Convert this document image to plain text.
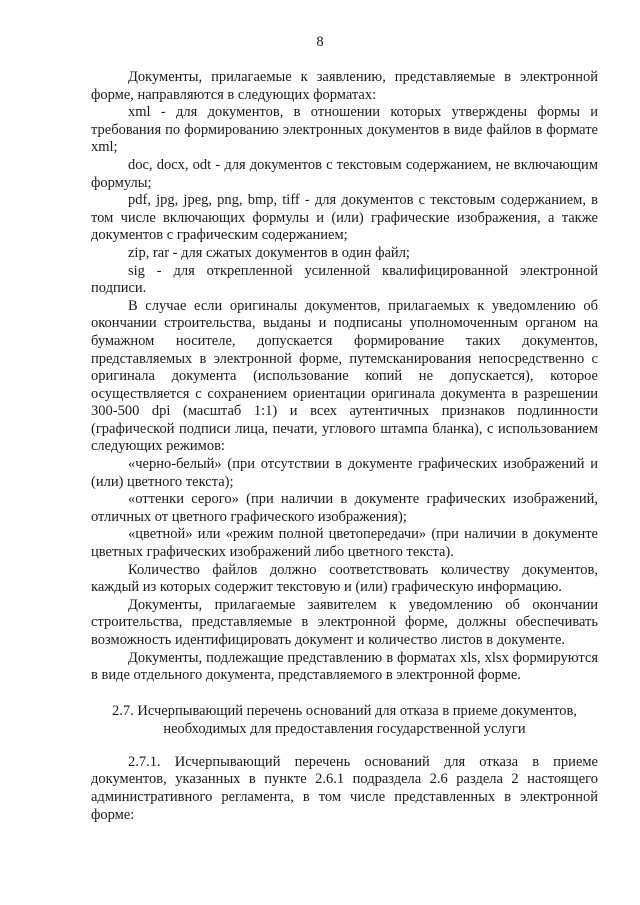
8

Документы, прилагаемые к заявлению, представляемые в электронной форме, направляются в следующих форматах:

xml - для документов, в отношении которых утверждены формы и требования по формированию электронных документов в виде файлов в формате xml;

doc, docx, odt - для документов с текстовым содержанием, не включающим формулы;

pdf, jpg, jpeg, png, bmp, tiff - для документов с текстовым содержанием, в том числе включающих формулы и (или) графические изображения, а также документов с графическим содержанием;

zip, rar - для сжатых документов в один файл;

sig - для открепленной усиленной квалифицированной электронной подписи.

В случае если оригиналы документов, прилагаемых к уведомлению об окончании строительства, выданы и подписаны уполномоченным органом на бумажном носителе, допускается формирование таких документов, представляемых в электронной форме, путемсканирования непосредственно с оригинала документа (использование копий не допускается), которое осуществляется с сохранением ориентации оригинала документа в разрешении 300-500 dpi (масштаб 1:1) и всех аутентичных признаков подлинности (графической подписи лица, печати, углового штампа бланка), с использованием следующих режимов:

«черно-белый» (при отсутствии в документе графических изображений и (или) цветного текста);

«оттенки серого» (при наличии в документе графических изображений, отличных от цветного графического изображения);

«цветной» или «режим полной цветопередачи» (при наличии в документе цветных графических изображений либо цветного текста).

Количество файлов должно соответствовать количеству документов, каждый из которых содержит текстовую и (или) графическую информацию.

Документы, прилагаемые заявителем к уведомлению об окончании строительства, представляемые в электронной форме, должны обеспечивать возможность идентифицировать документ и количество листов в документе.

Документы, подлежащие представлению в форматах xls, xlsx формируются в виде отдельного документа, представляемого в электронной форме.

2.7. Исчерпывающий перечень оснований для отказа в приеме документов,
необходимых для предоставления государственной услуги

2.7.1. Исчерпывающий перечень оснований для отказа в приеме документов, указанных в пункте 2.6.1 подраздела 2.6 раздела 2 настоящего административного регламента, в том числе представленных в электронной форме:
